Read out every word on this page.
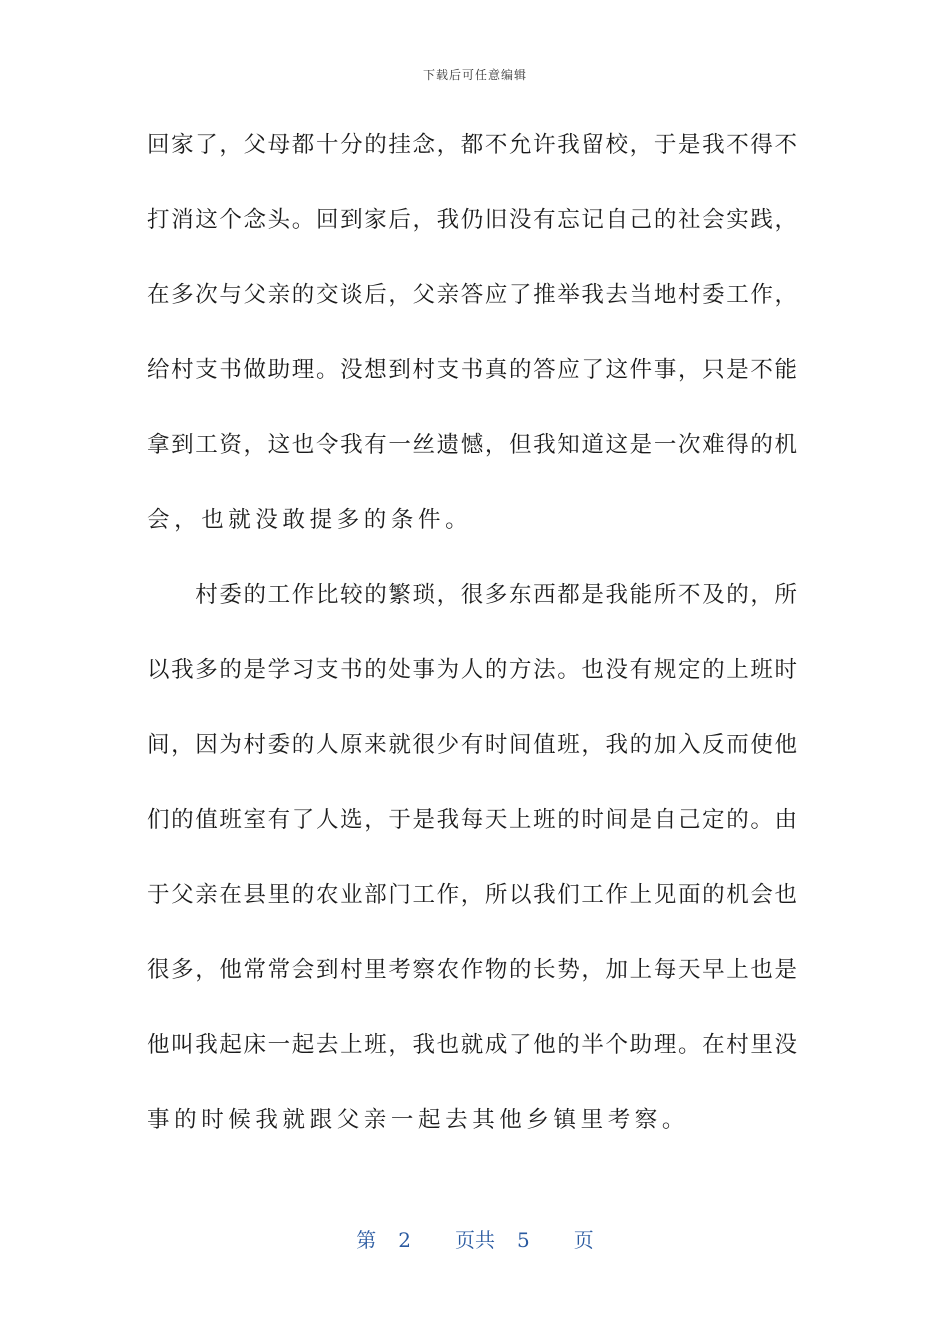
下载后可任意编辑
回家了，父母都十分的挂念，都不允许我留校，于是我不得不
打消这个念头。回到家后，我仍旧没有忘记自己的社会实践，
在多次与父亲的交谈后，父亲答应了推举我去当地村委工作，
给村支书做助理。没想到村支书真的答应了这件事，只是不能
拿到工资，这也令我有一丝遗憾，但我知道这是一次难得的机
会，也就没敢提多的条件。
　　村委的工作比较的繁琐，很多东西都是我能所不及的，所
以我多的是学习支书的处事为人的方法。也没有规定的上班时
间，因为村委的人原来就很少有时间值班，我的加入反而使他
们的值班室有了人选，于是我每天上班的时间是自己定的。由
于父亲在县里的农业部门工作，所以我们工作上见面的机会也
很多，他常常会到村里考察农作物的长势，加上每天早上也是
他叫我起床一起去上班，我也就成了他的半个助理。在村里没
事的时候我就跟父亲一起去其他乡镇里考察。
第 2 页共 5 页
